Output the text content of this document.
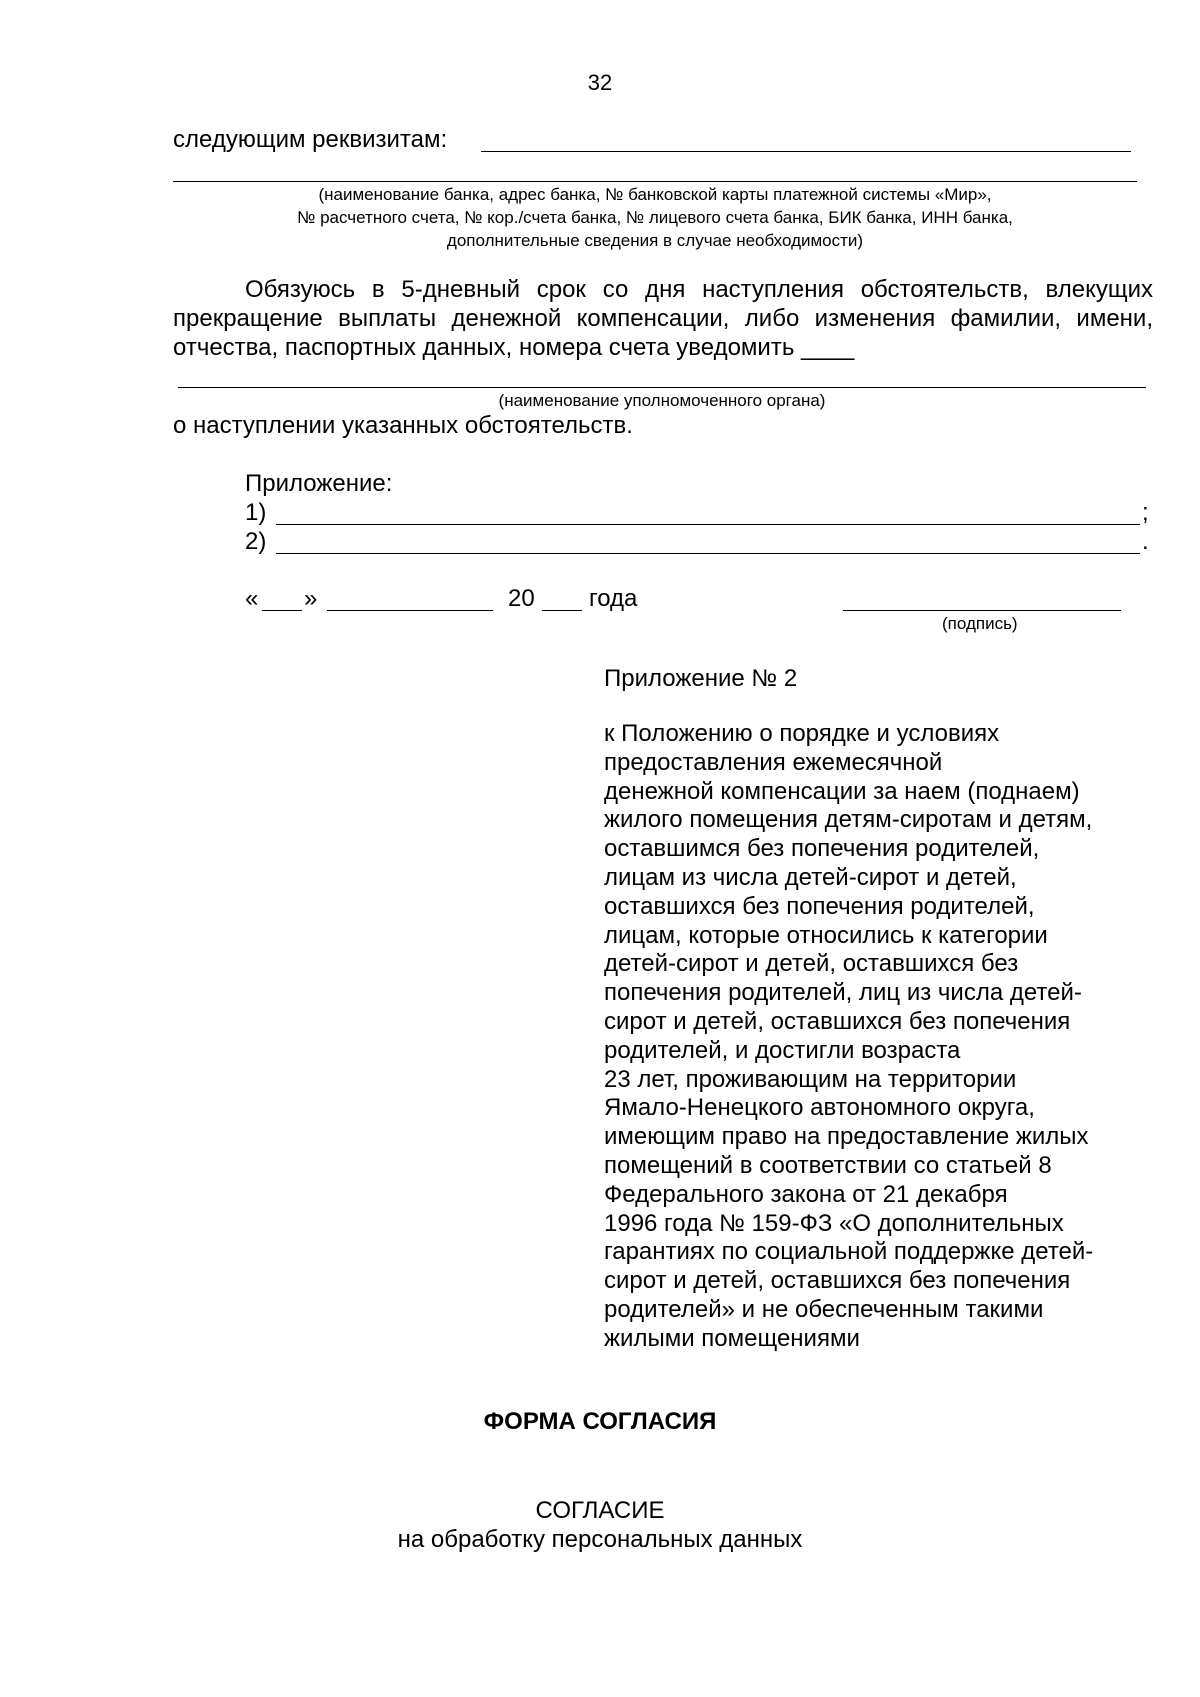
32
следующим реквизитам:
(наименование банка, адрес банка, № банковской карты платежной системы «Мир»,
№ расчетного счета, № кор./счета банка, № лицевого счета банка, БИК банка, ИНН банка,
дополнительные сведения в случае необходимости)
Обязуюсь в 5-дневный срок со дня наступления обстоятельств, влекущих прекращение выплаты денежной компенсации, либо изменения фамилии, имени, отчества, паспортных данных, номера счета уведомить ____
(наименование уполномоченного органа)
о наступлении указанных обстоятельств.
Приложение:
1)	;
2)	.
« »	20 года
(подпись)
Приложение № 2
к Положению о порядке и условиях
предоставления ежемесячной
денежной компенсации за наем (поднаем)
жилого помещения детям-сиротам и детям,
оставшимся без попечения родителей,
лицам из числа детей-сирот и детей,
оставшихся без попечения родителей,
лицам, которые относились к категории
детей-сирот и детей, оставшихся без
попечения родителей, лиц из числа детей-
сирот и детей, оставшихся без попечения
родителей, и достигли возраста
23 лет, проживающим на территории
Ямало-Ненецкого автономного округа,
имеющим право на предоставление жилых
помещений в соответствии со статьей 8
Федерального закона от 21 декабря
1996 года № 159-ФЗ «О дополнительных
гарантиях по социальной поддержке детей-
сирот и детей, оставшихся без попечения
родителей» и не обеспеченным такими
жилыми помещениями
ФОРМА СОГЛАСИЯ
СОГЛАСИЕ
на обработку персональных данных
